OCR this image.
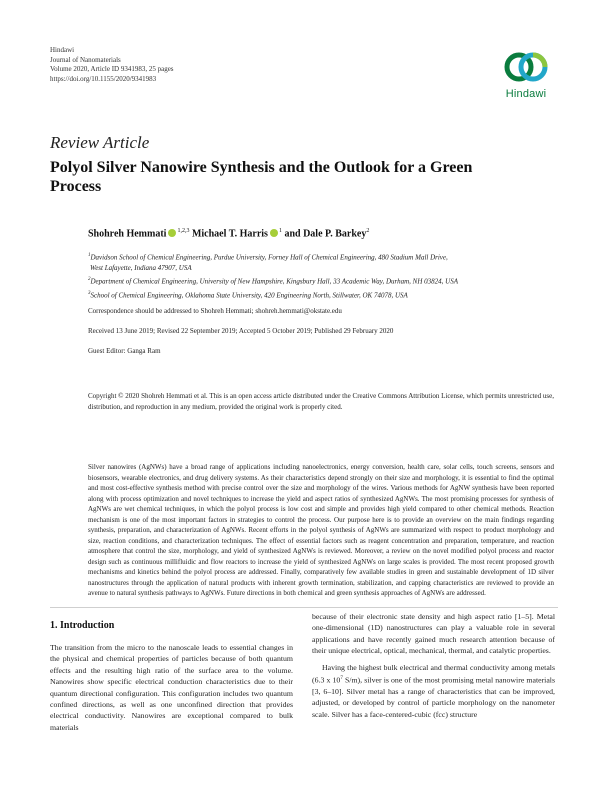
Hindawi
Journal of Nanomaterials
Volume 2020, Article ID 9341983, 25 pages
https://doi.org/10.1155/2020/9341983
Hindawi
Review Article
Polyol Silver Nanowire Synthesis and the Outlook for a Green Process
Shohreh Hemmati $^{1,2,3}$ Michael T. Harris $^1$ and Dale P. Barkey$^2$
$^1$Davidson School of Chemical Engineering, Purdue University, Forney Hall of Chemical Engineering, 480 Stadium Mall Drive,
West Lafayette, Indiana 47907, USA
$^2$Department of Chemical Engineering, University of New Hampshire, Kingsbury Hall, 33 Academic Way, Durham, NH 03824, USA
$^3$School of Chemical Engineering, Oklahoma State University, 420 Engineering North, Stillwater, OK 74078, USA
Correspondence should be addressed to Shohreh Hemmati; shohreh.hemmati@okstate.edu
Received 13 June 2019; Revised 22 September 2019; Accepted 5 October 2019; Published 29 February 2020
Guest Editor: Ganga Ram
Copyright © 2020 Shohreh Hemmati et al. This is an open access article distributed under the Creative Commons Attribution License, which permits unrestricted use, distribution, and reproduction in any medium, provided the original work is properly cited.
Silver nanowires (AgNWs) have a broad range of applications including nanoelectronics, energy conversion, health care, solar cells, touch screens, sensors and biosensors, wearable electronics, and drug delivery systems. As their characteristics depend strongly on their size and morphology, it is essential to find the optimal and most cost-effective synthesis method with precise control over the size and morphology of the wires. Various methods for AgNW synthesis have been reported along with process optimization and novel techniques to increase the yield and aspect ratios of synthesized AgNWs. The most promising processes for synthesis of AgNWs are wet chemical techniques, in which the polyol process is low cost and simple and provides high yield compared to other chemical methods. Reaction mechanism is one of the most important factors in strategies to control the process. Our purpose here is to provide an overview on the main findings regarding synthesis, preparation, and characterization of AgNWs. Recent efforts in the polyol synthesis of AgNWs are summarized with respect to product morphology and size, reaction conditions, and characterization techniques. The effect of essential factors such as reagent concentration and preparation, temperature, and reaction atmosphere that control the size, morphology, and yield of synthesized AgNWs is reviewed. Moreover, a review on the novel modified polyol process and reactor design such as continuous millifluidic and flow reactors to increase the yield of synthesized AgNWs on large scales is provided. The most recent proposed growth mechanisms and kinetics behind the polyol process are addressed. Finally, comparatively few available studies in green and sustainable development of 1D silver nanostructures through the application of natural products with inherent growth termination, stabilization, and capping characteristics are reviewed to provide an avenue to natural synthesis pathways to AgNWs. Future directions in both chemical and green synthesis approaches of AgNWs are addressed.
1. Introduction

The transition from the micro to the nanoscale leads to essential changes in the physical and chemical properties of particles because of both quantum effects and the resulting high ratio of the surface area to the volume. Nanowires show specific electrical conduction characteristics due to their quantum directional configuration. This configuration includes two quantum confined directions, as well as one unconfined direction that provides electrical conductivity. Nanowires are exceptional compared to bulk materials

because of their electronic state density and high aspect ratio [1–5]. Metal one-dimensional (1D) nanostructures can play a valuable role in several applications and have recently gained much research attention because of their unique electrical, optical, mechanical, thermal, and catalytic properties.

Having the highest bulk electrical and thermal conductivity among metals (6.3 x $10^7$ S/m), silver is one of the most promising metal nanowire materials [3, 6–10]. Silver metal has a range of characteristics that can be improved, adjusted, or developed by control of particle morphology on the nanometer scale. Silver has a face-centered-cubic (fcc) structure
